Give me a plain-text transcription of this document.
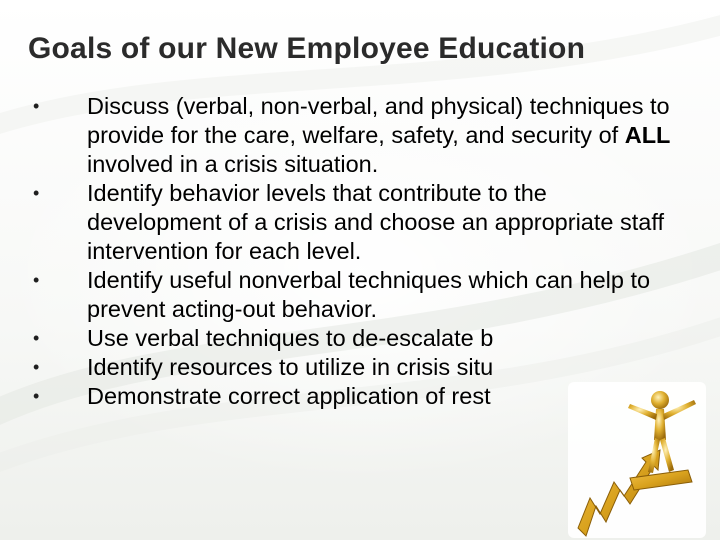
Goals of our New Employee Education
• Discuss (verbal, non-verbal, and physical) techniques to provide for the care, welfare, safety, and security of ALL involved in a crisis situation.
• Identify behavior levels that contribute to the development of a crisis and choose an appropriate staff intervention for each level.
• Identify useful nonverbal techniques which can help to prevent acting-out behavior.
• Use verbal techniques to de-escalate b
• Identify resources to utilize in crisis situ
• Demonstrate correct application of rest
